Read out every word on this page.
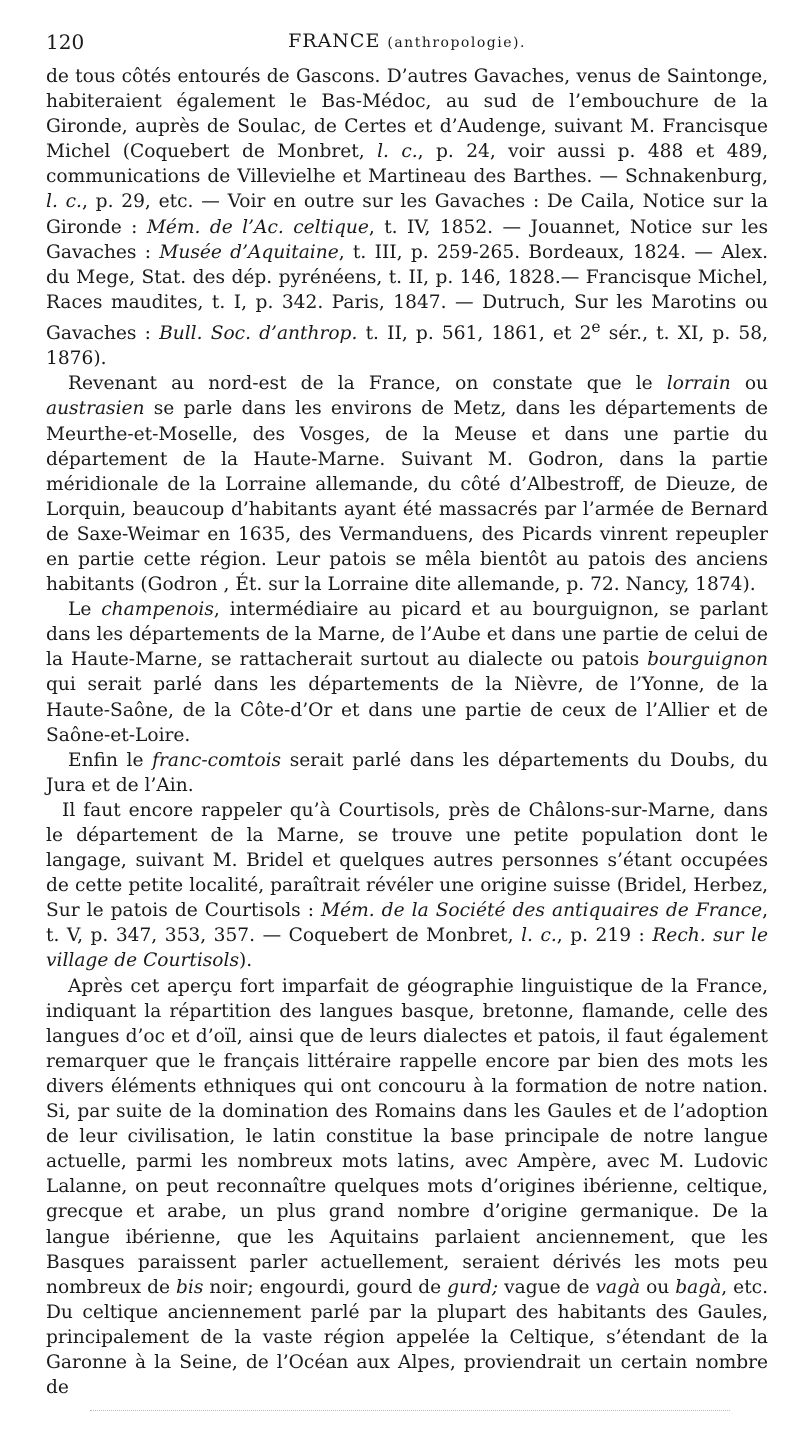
120	FRANCE (anthropologie).

de tous côtés entourés de Gascons. D’autres Gavaches, venus de Saintonge, habiteraient également le Bas-Médoc, au sud de l’embouchure de la Gironde, auprès de Soulac, de Certes et d’Audenge, suivant M. Francisque Michel (Coquebert de Monbret, l. c., p. 24, voir aussi p. 488 et 489, communications de Villevielhe et Martineau des Barthes. — Schnakenburg, l. c., p. 29, etc. — Voir en outre sur les Gavaches : De Caila, Notice sur la Gironde : Mém. de l’Ac. celtique, t. IV, 1852. — Jouannet, Notice sur les Gavaches : Musée d’Aquitaine, t. III, p. 259-265. Bordeaux, 1824. — Alex. du Mege, Stat. des dép. pyrénéens, t. II, p. 146, 1828.— Francisque Michel, Races maudites, t. I, p. 342. Paris, 1847. — Dutruch, Sur les Marotins ou Gavaches : Bull. Soc. d’anthrop. t. II, p. 561, 1861, et 2e sér., t. XI, p. 58, 1876).

Revenant au nord-est de la France, on constate que le lorrain ou austrasien se parle dans les environs de Metz, dans les départements de Meurthe-et-Moselle, des Vosges, de la Meuse et dans une partie du département de la Haute-Marne. Suivant M. Godron, dans la partie méridionale de la Lorraine allemande, du côté d’Albestroff, de Dieuze, de Lorquin, beaucoup d’habitants ayant été massacrés par l’armée de Bernard de Saxe-Weimar en 1635, des Vermanduens, des Picards vinrent repeupler en partie cette région. Leur patois se mêla bientôt au patois des anciens habitants (Godron , Ét. sur la Lorraine dite allemande, p. 72. Nancy, 1874).

Le champenois, intermédiaire au picard et au bourguignon, se parlant dans les départements de la Marne, de l’Aube et dans une partie de celui de la Haute-Marne, se rattacherait surtout au dialecte ou patois bourguignon qui serait parlé dans les départements de la Nièvre, de l’Yonne, de la Haute-Saône, de la Côte-d’Or et dans une partie de ceux de l’Allier et de Saône-et-Loire.

Enfin le franc-comtois serait parlé dans les départements du Doubs, du Jura et de l’Ain.

Il faut encore rappeler qu’à Courtisols, près de Châlons-sur-Marne, dans le département de la Marne, se trouve une petite population dont le langage, suivant M. Bridel et quelques autres personnes s’étant occupées de cette petite localité, paraîtrait révéler une origine suisse (Bridel, Herbez, Sur le patois de Courtisols : Mém. de la Société des antiquaires de France, t. V, p. 347, 353, 357. — Coquebert de Monbret, l. c., p. 219 : Rech. sur le village de Courtisols).

Après cet aperçu fort imparfait de géographie linguistique de la France, indiquant la répartition des langues basque, bretonne, flamande, celle des langues d’oc et d’oïl, ainsi que de leurs dialectes et patois, il faut également remarquer que le français littéraire rappelle encore par bien des mots les divers éléments ethniques qui ont concouru à la formation de notre nation. Si, par suite de la domination des Romains dans les Gaules et de l’adoption de leur civilisation, le latin constitue la base principale de notre langue actuelle, parmi les nombreux mots latins, avec Ampère, avec M. Ludovic Lalanne, on peut reconnaître quelques mots d’origines ibérienne, celtique, grecque et arabe, un plus grand nombre d’origine germanique. De la langue ibérienne, que les Aquitains parlaient anciennement, que les Basques paraissent parler actuellement, seraient dérivés les mots peu nombreux de bis noir; engourdi, gourd de gurd; vague de vagà ou bagà, etc. Du celtique anciennement parlé par la plupart des habitants des Gaules, principalement de la vaste région appelée la Celtique, s’étendant de la Garonne à la Seine, de l’Océan aux Alpes, proviendrait un certain nombre de
